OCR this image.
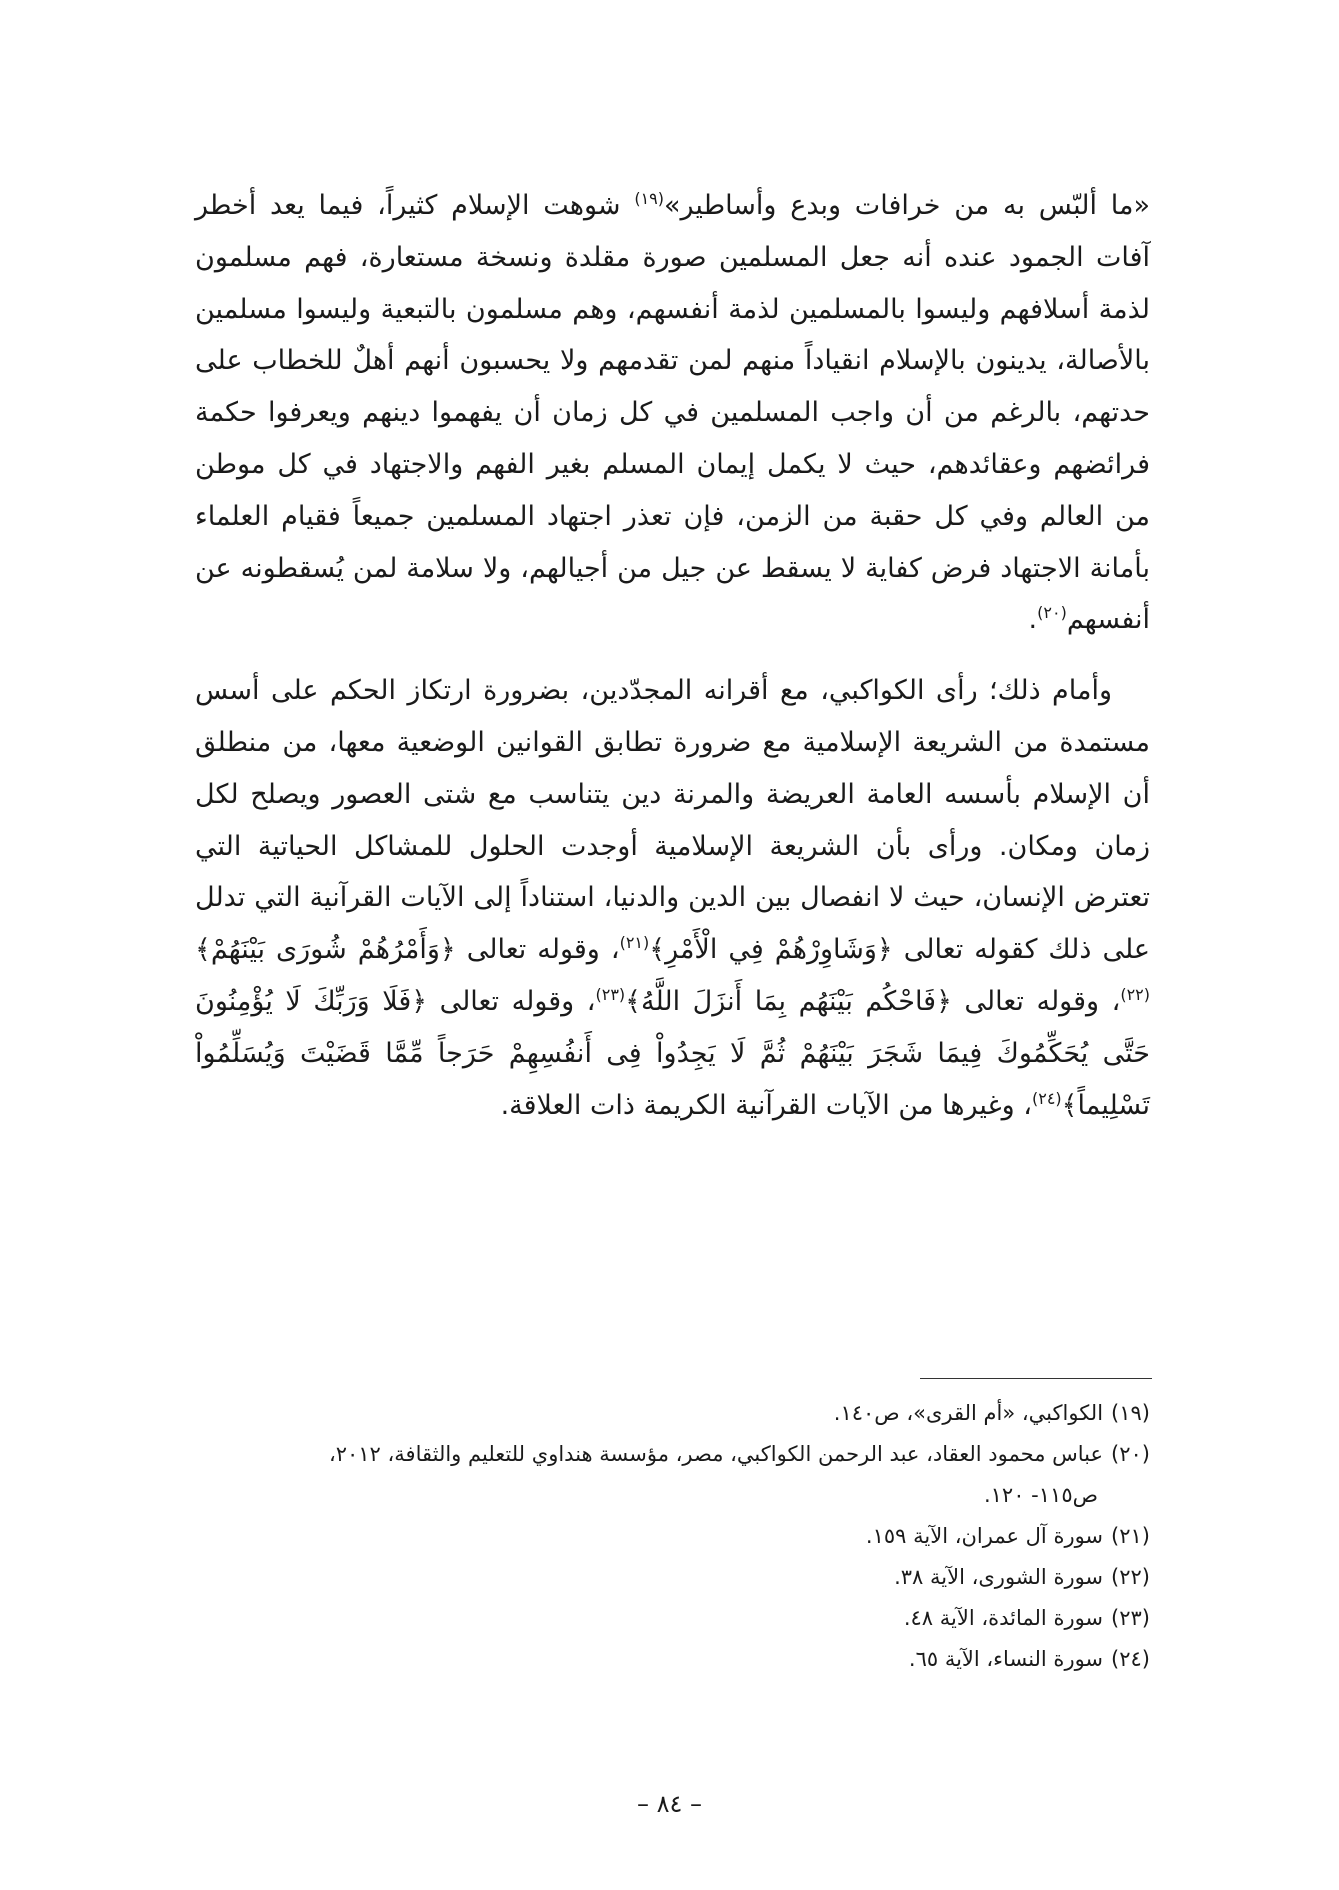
«ما ألبّس به من خرافات وبدع وأساطير»$^{(١٩)}$ شوهت الإسلام كثيراً، فيما يعد أخطر آفات الجمود عنده أنه جعل المسلمين صورة مقلدة ونسخة مستعارة، فهم مسلمون لذمة أسلافهم وليسوا بالمسلمين لذمة أنفسهم، وهم مسلمون بالتبعية وليسوا مسلمين بالأصالة، يدينون بالإسلام انقياداً منهم لمن تقدمهم ولا يحسبون أنهم أهلٌ للخطاب على حدتهم، بالرغم من أن واجب المسلمين في كل زمان أن يفهموا دينهم ويعرفوا حكمة فرائضهم وعقائدهم، حيث لا يكمل إيمان المسلم بغير الفهم والاجتهاد في كل موطن من العالم وفي كل حقبة من الزمن، فإن تعذر اجتهاد المسلمين جميعاً فقيام العلماء بأمانة الاجتهاد فرض كفاية لا يسقط عن جيل من أجيالهم، ولا سلامة لمن يُسقطونه عن أنفسهم$^{(٢٠)}$.

وأمام ذلك؛ رأى الكواكبي، مع أقرانه المجدّدين، بضرورة ارتكاز الحكم على أسس مستمدة من الشريعة الإسلامية مع ضرورة تطابق القوانين الوضعية معها، من منطلق أن الإسلام بأسسه العامة العريضة والمرنة دين يتناسب مع شتى العصور ويصلح لكل زمان ومكان. ورأى بأن الشريعة الإسلامية أوجدت الحلول للمشاكل الحياتية التي تعترض الإنسان، حيث لا انفصال بين الدين والدنيا، استناداً إلى الآيات القرآنية التي تدلل على ذلك كقوله تعالى ﴿وَشَاوِرْهُمْ فِي الْأَمْرِ﴾$^{(٢١)}$، وقوله تعالى ﴿وَأَمْرُهُمْ شُورَى بَيْنَهُمْ﴾$^{(٢٢)}$، وقوله تعالى ﴿فَاحْكُم بَيْنَهُم بِمَا أَنزَلَ اللَّهُ﴾$^{(٢٣)}$، وقوله تعالى ﴿فَلَا وَرَبِّكَ لَا يُؤْمِنُونَ حَتَّى يُحَكِّمُوكَ فِيمَا شَجَرَ بَيْنَهُمْ ثُمَّ لَا يَجِدُواْ فِى أَنفُسِهِمْ حَرَجاً مِّمَّا قَضَيْتَ وَيُسَلِّمُواْ تَسْلِيماً﴾$^{(٢٤)}$، وغيرها من الآيات القرآنية الكريمة ذات العلاقة.

(١٩)الكواكبي، «أم القرى»، ص١٤٠.
(٢٠)عباس محمود العقاد، عبد الرحمن الكواكبي، مصر، مؤسسة هنداوي للتعليم والثقافة، ٢٠١٢،
ص١١٥- ١٢٠.
(٢١)سورة آل عمران، الآية ١٥٩.
(٢٢)سورة الشورى، الآية ٣٨.
(٢٣)سورة المائدة، الآية ٤٨.
(٢٤)سورة النساء، الآية ٦٥.
– ٨٤ –
